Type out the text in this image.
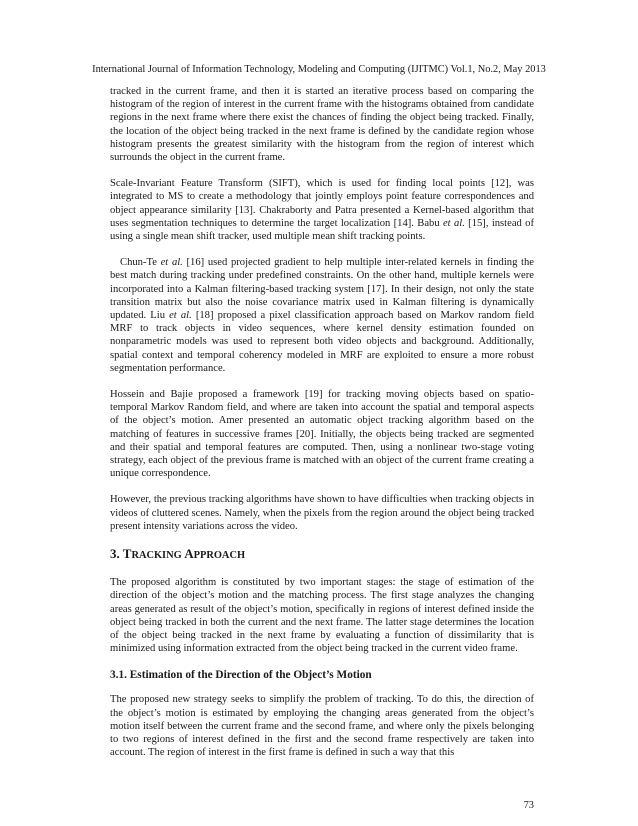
International Journal of Information Technology, Modeling and Computing (IJITMC) Vol.1, No.2, May 2013

tracked in the current frame, and then it is started an iterative process based on comparing the histogram of the region of interest in the current frame with the histograms obtained from candidate regions in the next frame where there exist the chances of finding the object being tracked. Finally, the location of the object being tracked in the next frame is defined by the candidate region whose histogram presents the greatest similarity with the histogram from the region of interest which surrounds the object in the current frame.

Scale-Invariant Feature Transform (SIFT), which is used for finding local points [12], was integrated to MS to create a methodology that jointly employs point feature correspondences and object appearance similarity [13]. Chakraborty and Patra presented a Kernel-based algorithm that uses segmentation techniques to determine the target localization [14]. Babu et al. [15], instead of using a single mean shift tracker, used multiple mean shift tracking points.

Chun-Te et al. [16] used projected gradient to help multiple inter-related kernels in finding the best match during tracking under predefined constraints. On the other hand, multiple kernels were incorporated into a Kalman filtering-based tracking system [17]. In their design, not only the state transition matrix but also the noise covariance matrix used in Kalman filtering is dynamically updated. Liu et al. [18] proposed a pixel classification approach based on Markov random field MRF to track objects in video sequences, where kernel density estimation founded on nonparametric models was used to represent both video objects and background. Additionally, spatial context and temporal coherency modeled in MRF are exploited to ensure a more robust segmentation performance.

Hossein and Bajie proposed a framework [19] for tracking moving objects based on spatio-temporal Markov Random field, and where are taken into account the spatial and temporal aspects of the object’s motion. Amer presented an automatic object tracking algorithm based on the matching of features in successive frames [20]. Initially, the objects being tracked are segmented and their spatial and temporal features are computed. Then, using a nonlinear two-stage voting strategy, each object of the previous frame is matched with an object of the current frame creating a unique correspondence.

However, the previous tracking algorithms have shown to have difficulties when tracking objects in videos of cluttered scenes. Namely, when the pixels from the region around the object being tracked present intensity variations across the video.

3. TRACKING APPROACH

The proposed algorithm is constituted by two important stages: the stage of estimation of the direction of the object’s motion and the matching process. The first stage analyzes the changing areas generated as result of the object’s motion, specifically in regions of interest defined inside the object being tracked in both the current and the next frame. The latter stage determines the location of the object being tracked in the next frame by evaluating a function of dissimilarity that is minimized using information extracted from the object being tracked in the current video frame.

3.1. Estimation of the Direction of the Object’s Motion

The proposed new strategy seeks to simplify the problem of tracking. To do this, the direction of the object’s motion is estimated by employing the changing areas generated from the object’s motion itself between the current frame and the second frame, and where only the pixels belonging to two regions of interest defined in the first and the second frame respectively are taken into account. The region of interest in the first frame is defined in such a way that this

73
